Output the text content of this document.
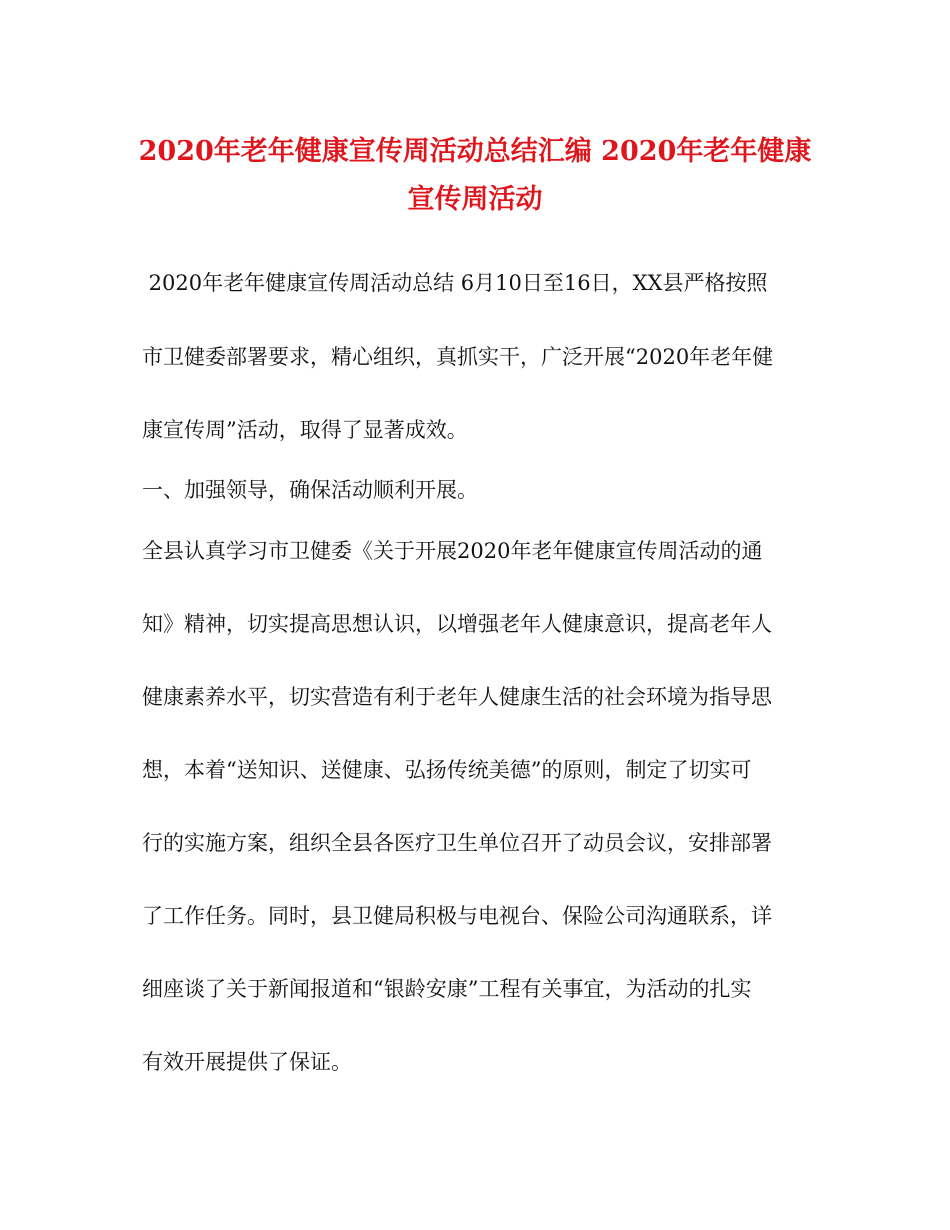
2020年老年健康宣传周活动总结汇编 2020年老年健康
宣传周活动
2020年老年健康宣传周活动总结 6月10日至16日，XX县严格按照
市卫健委部署要求，精心组织，真抓实干，广泛开展“2020年老年健
康宣传周”活动，取得了显著成效。
一、加强领导，确保活动顺利开展。
全县认真学习市卫健委《关于开展2020年老年健康宣传周活动的通
知》精神，切实提高思想认识，以增强老年人健康意识，提高老年人
健康素养水平，切实营造有利于老年人健康生活的社会环境为指导思
想，本着“送知识、送健康、弘扬传统美德”的原则，制定了切实可
行的实施方案，组织全县各医疗卫生单位召开了动员会议，安排部署
了工作任务。同时，县卫健局积极与电视台、保险公司沟通联系，详
细座谈了关于新闻报道和“银龄安康”工程有关事宜，为活动的扎实
有效开展提供了保证。
